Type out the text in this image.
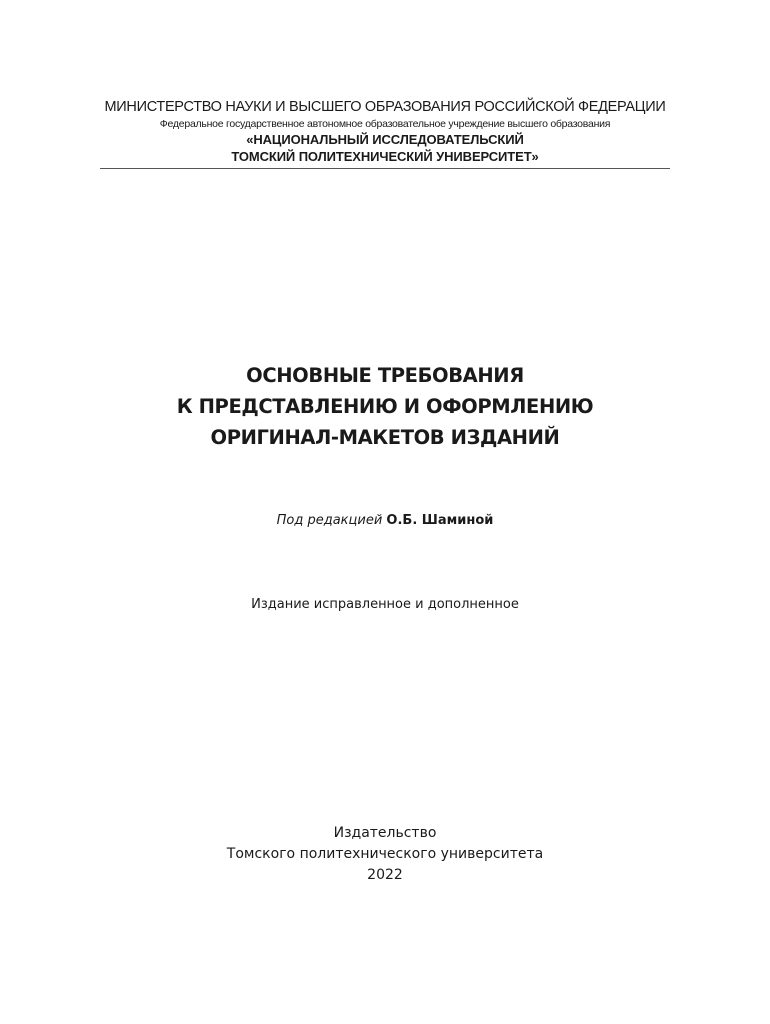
МИНИСТЕРСТВО НАУКИ И ВЫСШЕГО ОБРАЗОВАНИЯ РОССИЙСКОЙ ФЕДЕРАЦИИ
Федеральное государственное автономное образовательное учреждение высшего образования
«НАЦИОНАЛЬНЫЙ ИССЛЕДОВАТЕЛЬСКИЙ
ТОМСКИЙ ПОЛИТЕХНИЧЕСКИЙ УНИВЕРСИТЕТ»
ОСНОВНЫЕ ТРЕБОВАНИЯ
К ПРЕДСТАВЛЕНИЮ И ОФОРМЛЕНИЮ
ОРИГИНАЛ-МАКЕТОВ ИЗДАНИЙ
Под редакцией О.Б. Шаминой
Издание исправленное и дополненное
Издательство
Томского политехнического университета
2022
